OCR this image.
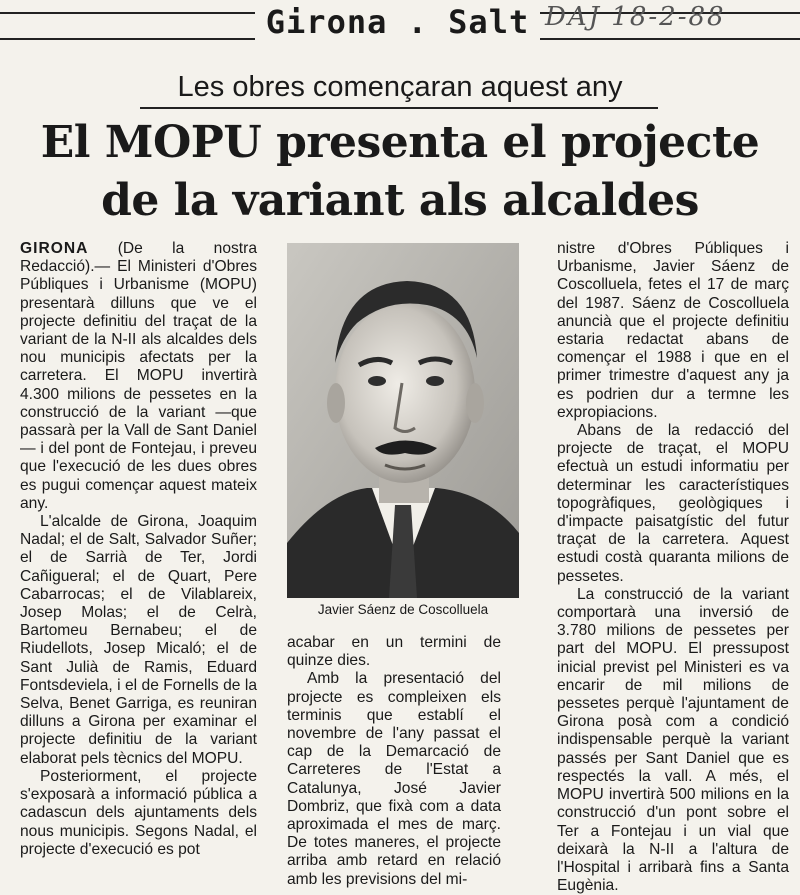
Girona . Salt DAJ 18-2-88
Les obres començaran aquest any
El MOPU presenta el projecte
de la variant als alcaldes

GIRONA (De la nostra Redacció).— El Ministeri d'Obres Públiques i Urbanisme (MOPU) presentarà dilluns que ve el projecte definitiu del traçat de la variant de la N-II als alcaldes dels nou municipis afectats per la carretera. El MOPU invertirà 4.300 milions de pessetes en la construcció de la variant —que passarà per la Vall de Sant Daniel— i del pont de Fontejau, i preveu que l'execució de les dues obres es pugui començar aquest mateix any.

L'alcalde de Girona, Joaquim Nadal; el de Salt, Salvador Suñer; el de Sarrià de Ter, Jordi Cañigueral; el de Quart, Pere Cabarrocas; el de Vilablareix, Josep Molas; el de Celrà, Bartomeu Bernabeu; el de Riudellots, Josep Micaló; el de Sant Julià de Ramis, Eduard Fontsdeviela, i el de Fornells de la Selva, Benet Garriga, es reuniran dilluns a Girona per examinar el projecte definitiu de la variant elaborat pels tècnics del MOPU.

Posteriorment, el projecte s'exposarà a informació pública a cadascun dels ajuntaments dels nous municipis. Segons Nadal, el projecte d'execució es pot

Javier Sáenz de Coscolluela

acabar en un termini de quinze dies.

Amb la presentació del projecte es compleixen els terminis que establí el novembre de l'any passat el cap de la Demarcació de Carreteres de l'Estat a Catalunya, José Javier Dombriz, que fixà com a data aproximada el mes de març. De totes maneres, el projecte arriba amb retard en relació amb les previsions del mi-

nistre d'Obres Públiques i Urbanisme, Javier Sáenz de Coscolluela, fetes el 17 de març del 1987. Sáenz de Coscolluela anuncià que el projecte definitiu estaria redactat abans de començar el 1988 i que en el primer trimestre d'aquest any ja es podrien dur a termne les expropiacions.

Abans de la redacció del projecte de traçat, el MOPU efectuà un estudi informatiu per determinar les característiques topogràfiques, geològiques i d'impacte paisatgístic del futur traçat de la carretera. Aquest estudi costà quaranta milions de pessetes.

La construcció de la variant comportarà una inversió de 3.780 milions de pessetes per part del MOPU. El pressupost inicial previst pel Ministeri es va encarir de mil milions de pessetes perquè l'ajuntament de Girona posà com a condició indispensable perquè la variant passés per Sant Daniel que es respectés la vall. A més, el MOPU invertirà 500 milions en la construcció d'un pont sobre el Ter a Fontejau i un vial que deixarà la N-II a l'altura de l'Hospital i arribarà fins a Santa Eugènia.
